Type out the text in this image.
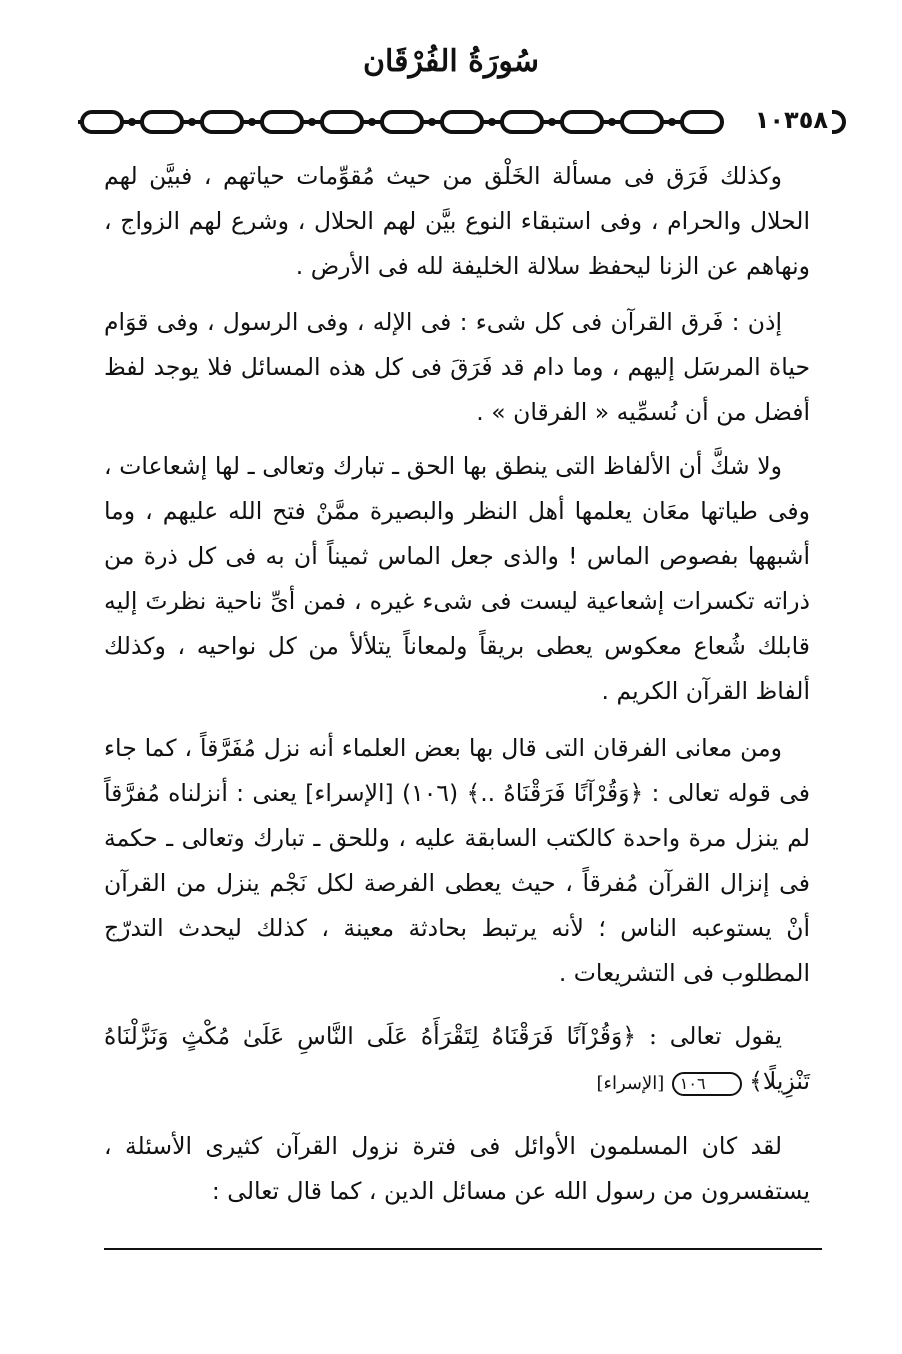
سُورَةُ الفُرْقَان
١٠٣٥٨

وكذلك فَرَق فى مسألة الخَلْق من حيث مُقوِّمات حياتهم ، فبيَّن لهم الحلال والحرام ، وفى استبقاء النوع بيَّن لهم الحلال ، وشرع لهم الزواج ، ونهاهم عن الزنا ليحفظ سلالة الخليفة لله فى الأرض .

إذن : فَرق القرآن فى كل شىء : فى الإله ، وفى الرسول ، وفى قوَام حياة المرسَل إليهم ، وما دام قد فَرَقَ فى كل هذه المسائل فلا يوجد لفظ أفضل من أن نُسمِّيه « الفرقان » .

ولا شكَّ أن الألفاظ التى ينطق بها الحق ـ تبارك وتعالى ـ لها إشعاعات ، وفى طياتها معَان يعلمها أهل النظر والبصيرة ممَّنْ فتح الله عليهم ، وما أشبهها بفصوص الماس ! والذى جعل الماس ثميناً أن به فى كل ذرة من ذراته تكسرات إشعاعية ليست فى شىء غيره ، فمن أىِّ ناحية نظرتَ إليه قابلك شُعاع معكوس يعطى بريقاً ولمعاناً يتلألأ من كل نواحيه ، وكذلك ألفاظ القرآن الكريم .

ومن معانى الفرقان التى قال بها بعض العلماء أنه نزل مُفَرَّقاً ، كما جاء فى قوله تعالى : ﴿وَقُرْآنًا فَرَقْنَاهُ ..﴾ (١٠٦) [الإسراء] يعنى : أنزلناه مُفرَّقاً لم ينزل مرة واحدة كالكتب السابقة عليه ، وللحق ـ تبارك وتعالى ـ حكمة فى إنزال القرآن مُفرقاً ، حيث يعطى الفرصة لكل نَجْم ينزل من القرآن أنْ يستوعبه الناس ؛ لأنه يرتبط بحادثة معينة ، كذلك ليحدث التدرّج المطلوب فى التشريعات .

يقول تعالى : ﴿وَقُرْآنًا فَرَقْنَاهُ لِتَقْرَأَهُ عَلَى النَّاسِ عَلَىٰ مُكْثٍ وَنَزَّلْنَاهُ تَنْزِيلًا﴾ ١٠٦ [الإسراء]

لقد كان المسلمون الأوائل فى فترة نزول القرآن كثيرى الأسئلة ، يستفسرون من رسول الله عن مسائل الدين ، كما قال تعالى :
